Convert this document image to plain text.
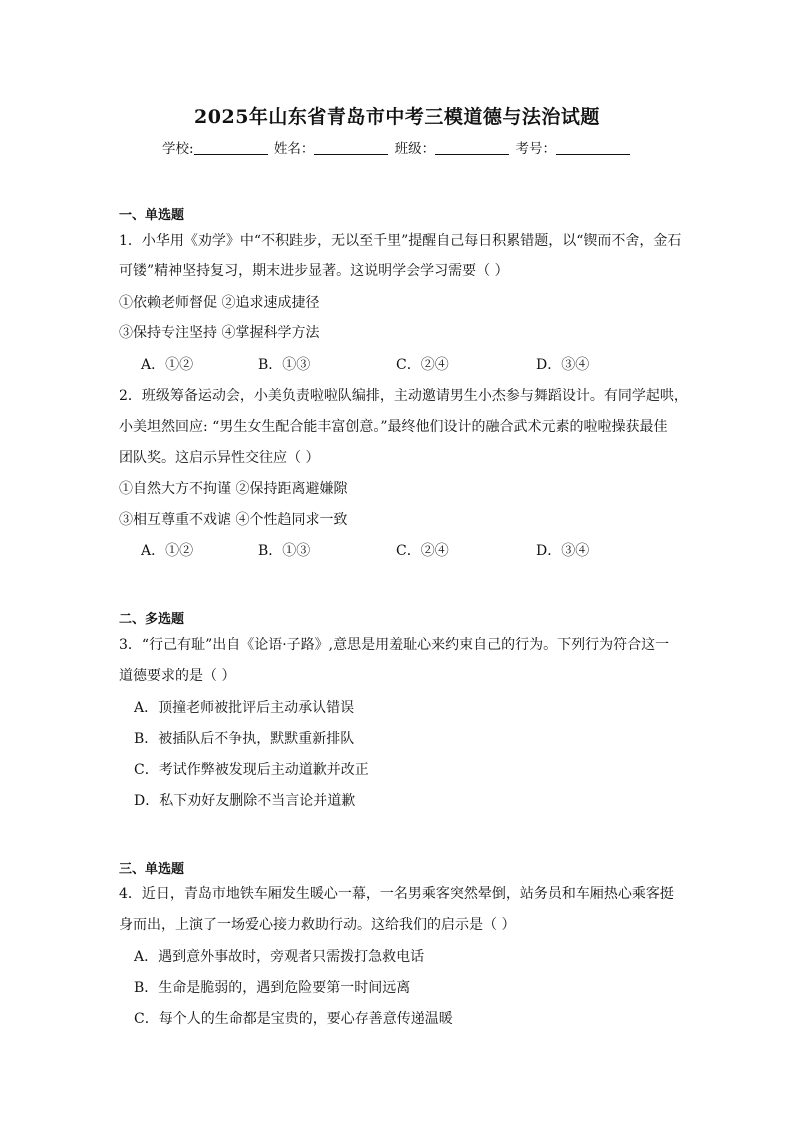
2025年山东省青岛市中考三模道德与法治试题
学校:	姓名：	班级：	考号：
一、单选题
1．小华用《劝学》中“不积跬步，无以至千里”提醒自己每日积累错题，以“锲而不舍，金石
可镂”精神坚持复习，期末进步显著。这说明学会学习需要（ ）
①依赖老师督促 ②追求速成捷径
③保持专注坚持 ④掌握科学方法
A．①②	B．①③	C．②④	D．③④
2．班级筹备运动会，小美负责啦啦队编排，主动邀请男生小杰参与舞蹈设计。有同学起哄，
小美坦然回应: “男生女生配合能丰富创意。”最终他们设计的融合武术元素的啦啦操获最佳
团队奖。这启示异性交往应（ ）
①自然大方不拘谨 ②保持距离避嫌隙
③相互尊重不戏谑 ④个性趋同求一致
A．①②	B．①③	C．②④	D．③④
二、多选题
3．“行己有耻”出自《论语·子路》,意思是用羞耻心来约束自己的行为。下列行为符合这一
道德要求的是（ ）
A．顶撞老师被批评后主动承认错误
B．被插队后不争执，默默重新排队
C．考试作弊被发现后主动道歉并改正
D．私下劝好友删除不当言论并道歉
三、单选题
4．近日，青岛市地铁车厢发生暖心一幕，一名男乘客突然晕倒，站务员和车厢热心乘客挺
身而出，上演了一场爱心接力救助行动。这给我们的启示是（ ）
A．遇到意外事故时，旁观者只需拨打急救电话
B．生命是脆弱的，遇到危险要第一时间远离
C．每个人的生命都是宝贵的，要心存善意传递温暖
